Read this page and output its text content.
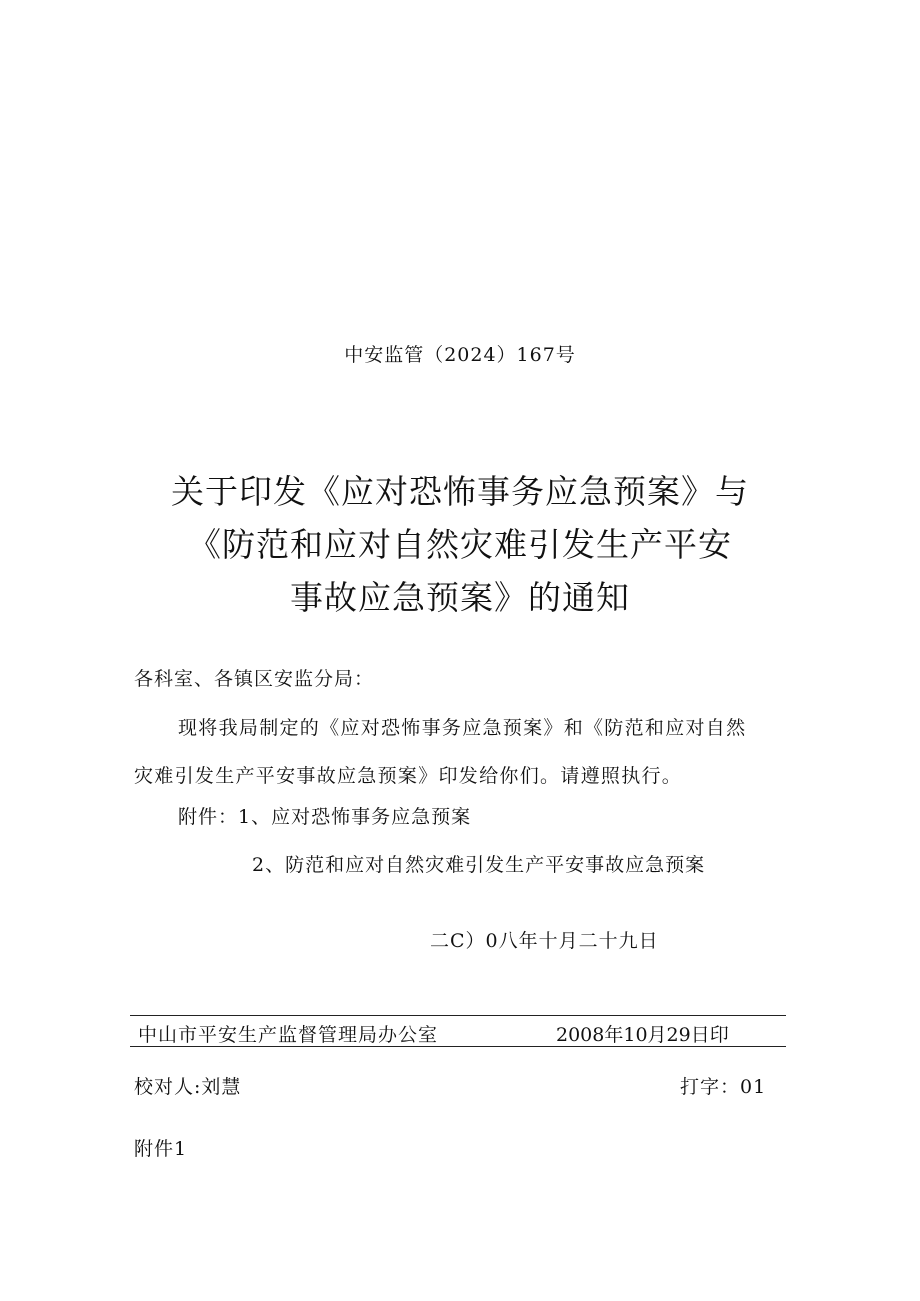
中安监管（2024）167号
关于印发《应对恐怖事务应急预案》与
《防范和应对自然灾难引发生产平安
事故应急预案》的通知
各科室、各镇区安监分局：
现将我局制定的《应对恐怖事务应急预案》和《防范和应对自然
灾难引发生产平安事故应急预案》印发给你们。请遵照执行。
附件：1、应对恐怖事务应急预案
2、防范和应对自然灾难引发生产平安事故应急预案
二C）0八年十月二十九日
中山市平安生产监督管理局办公室	2008年10月29日印
校对人:刘慧	打字：01
附件1
